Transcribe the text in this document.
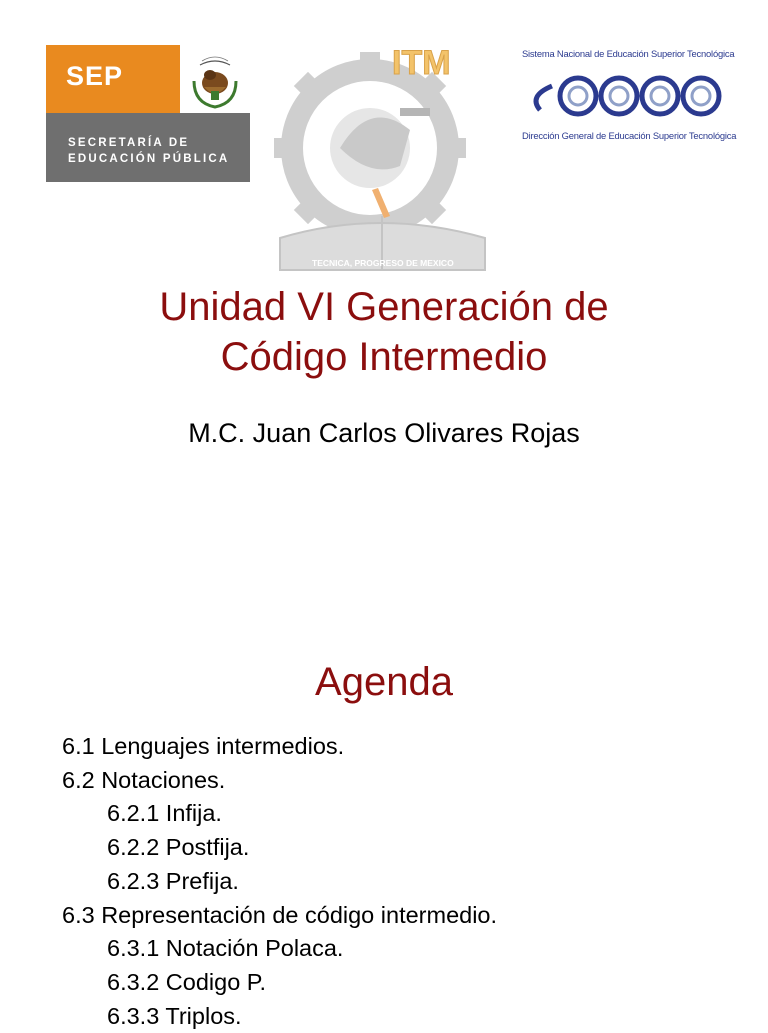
SEP
SECRETARÍA DE
EDUCACIÓN PÚBLICA
ITM
TECNICA, PROGRESO DE MEXICO
Sistema Nacional de Educación Superior Tecnológica
Dirección General de Educación Superior Tecnológica
Unidad VI Generación de
Código Intermedio
M.C. Juan Carlos Olivares Rojas
Agenda
6.1 Lenguajes intermedios.
6.2 Notaciones.
6.2.1 Infija.
6.2.2 Postfija.
6.2.3 Prefija.
6.3 Representación de código intermedio.
6.3.1 Notación Polaca.
6.3.2 Codigo P.
6.3.3 Triplos.
